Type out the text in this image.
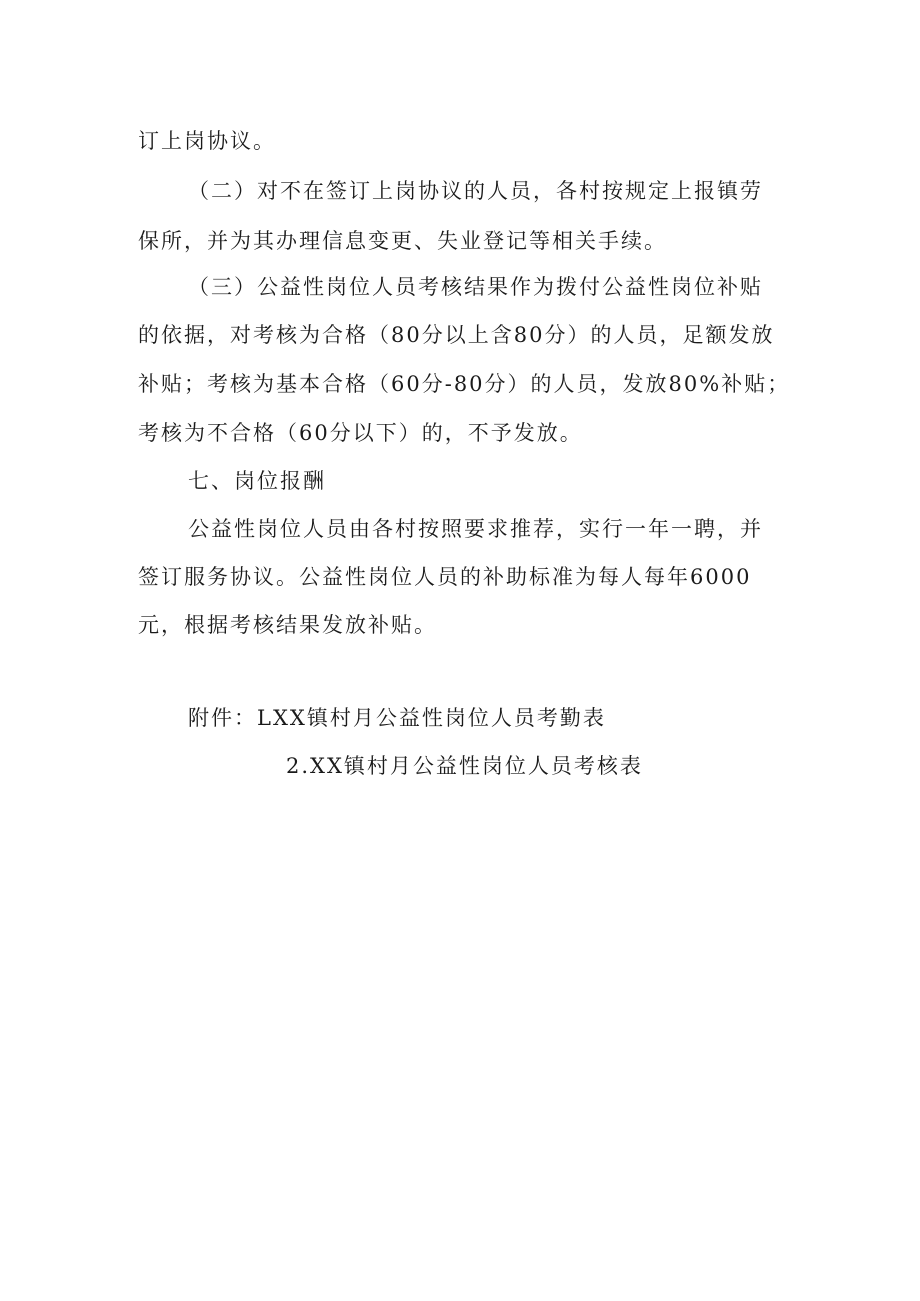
订上岗协议。
（二）对不在签订上岗协议的人员，各村按规定上报镇劳
保所，并为其办理信息变更、失业登记等相关手续。
（三）公益性岗位人员考核结果作为拨付公益性岗位补贴
的依据，对考核为合格（80分以上含80分）的人员，足额发放
补贴；考核为基本合格（60分-80分）的人员，发放80%补贴；
考核为不合格（60分以下）的，不予发放。
七、岗位报酬
公益性岗位人员由各村按照要求推荐，实行一年一聘，并
签订服务协议。公益性岗位人员的补助标准为每人每年6000
元，根据考核结果发放补贴。
附件：LXX镇村月公益性岗位人员考勤表
2.XX镇村月公益性岗位人员考核表
